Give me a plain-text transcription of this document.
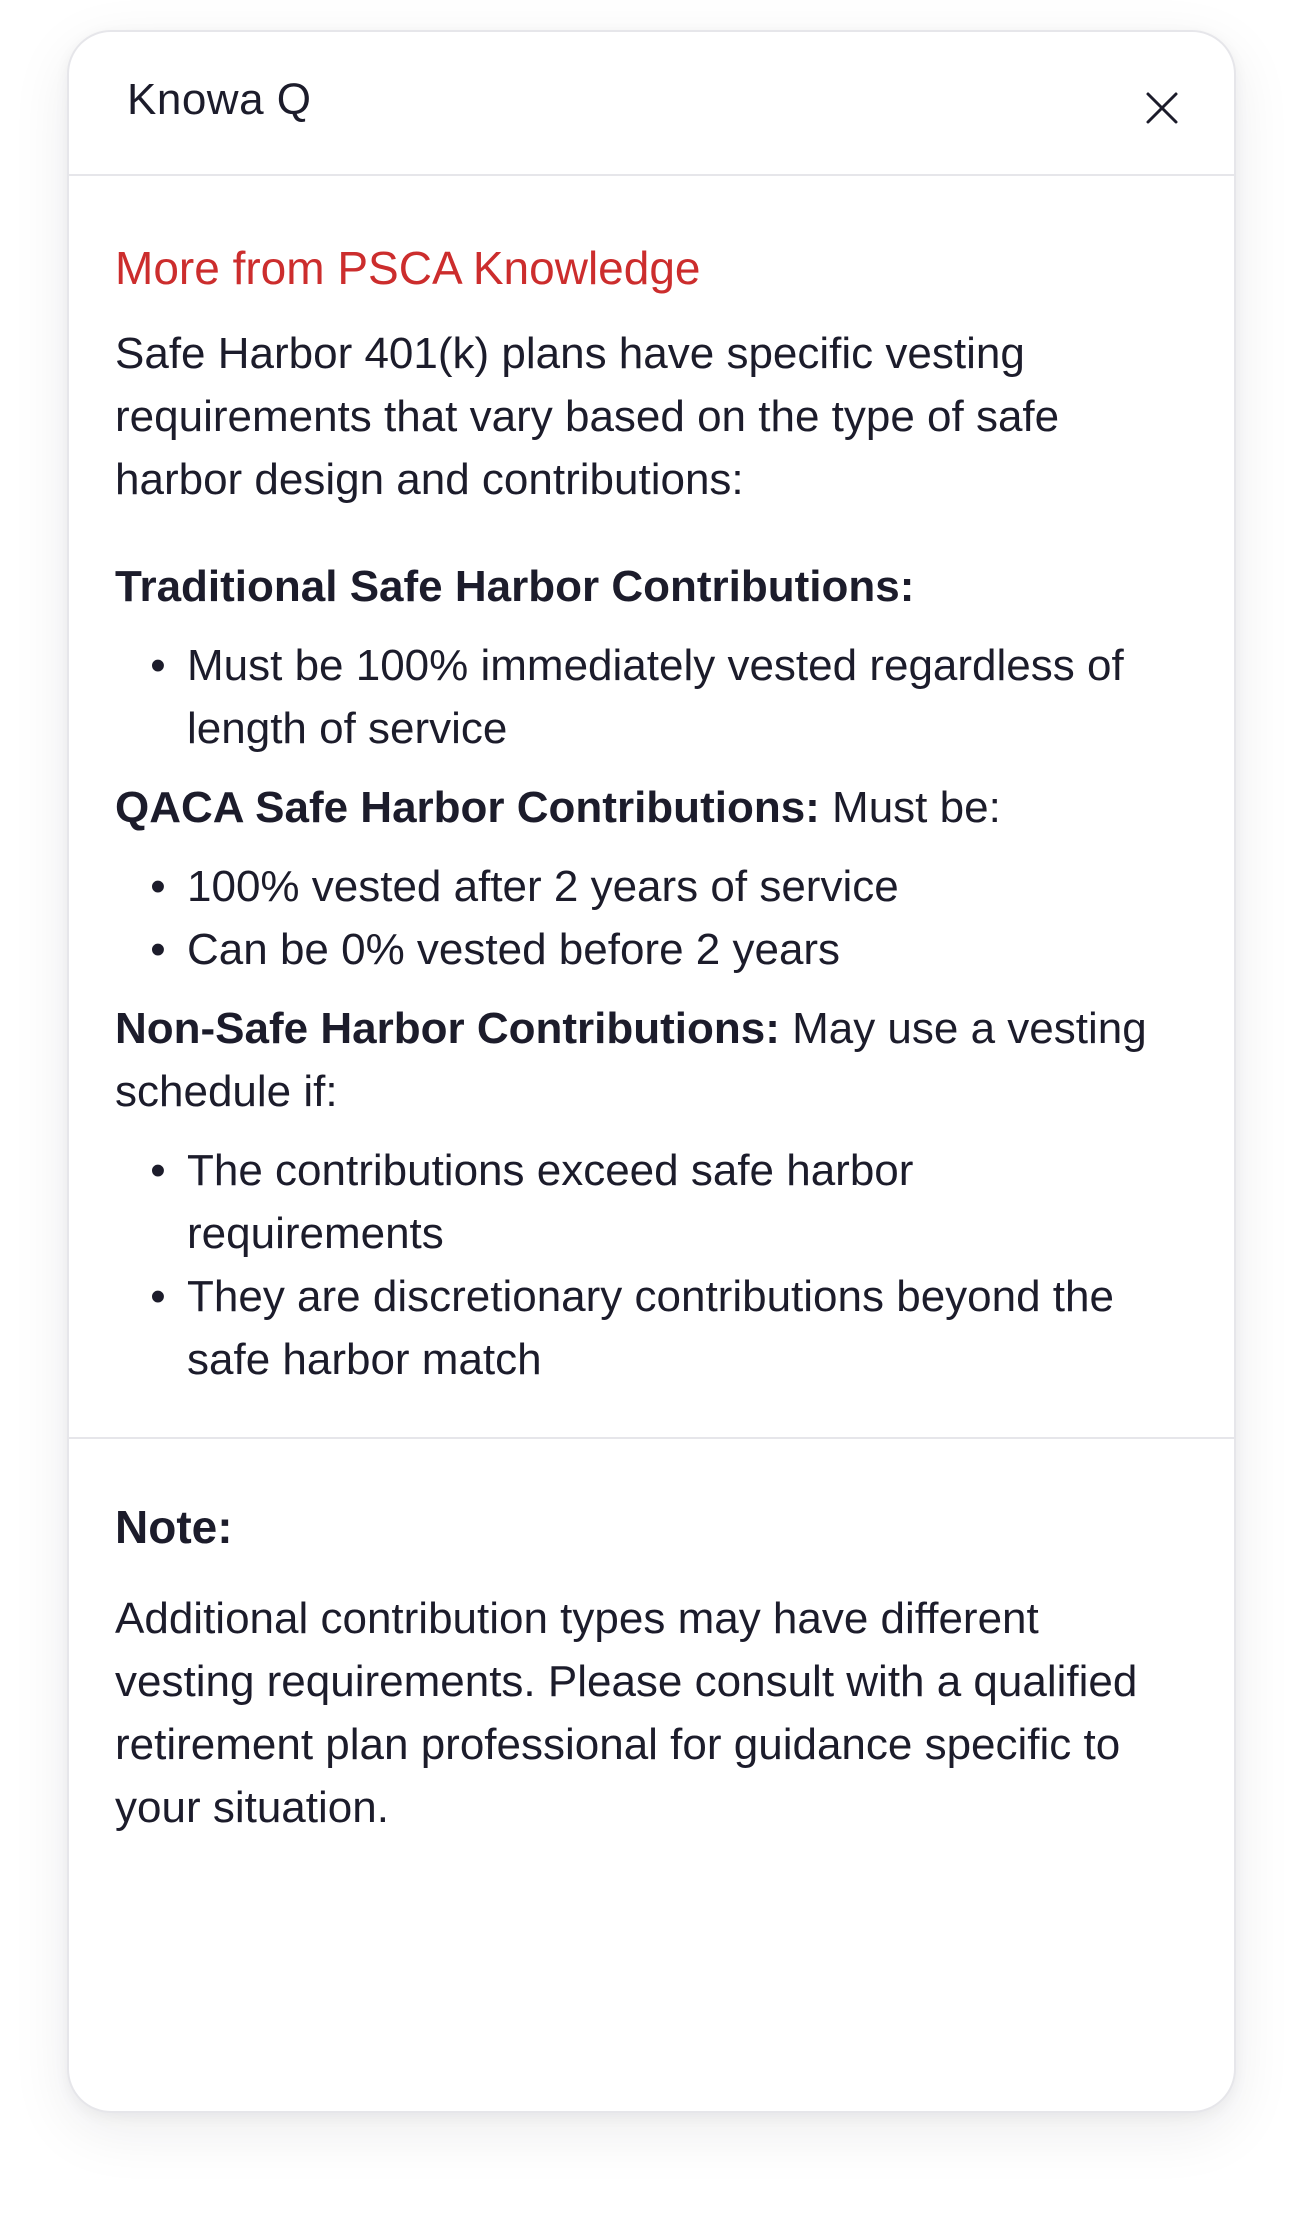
Knowa Q
More from PSCA Knowledge

Safe Harbor 401(k) plans have specific vesting requirements that vary based on the type of safe harbor design and contributions:

Traditional Safe Harbor Contributions:
• Must be 100% immediately vested regardless of length of service
QACA Safe Harbor Contributions: Must be:
• 100% vested after 2 years of service
• Can be 0% vested before 2 years
Non-Safe Harbor Contributions: May use a vesting schedule if:
• The contributions exceed safe harbor requirements
• They are discretionary contributions beyond the safe harbor match
Note:

Additional contribution types may have different vesting requirements. Please consult with a qualified retirement plan professional for guidance specific to your situation.
